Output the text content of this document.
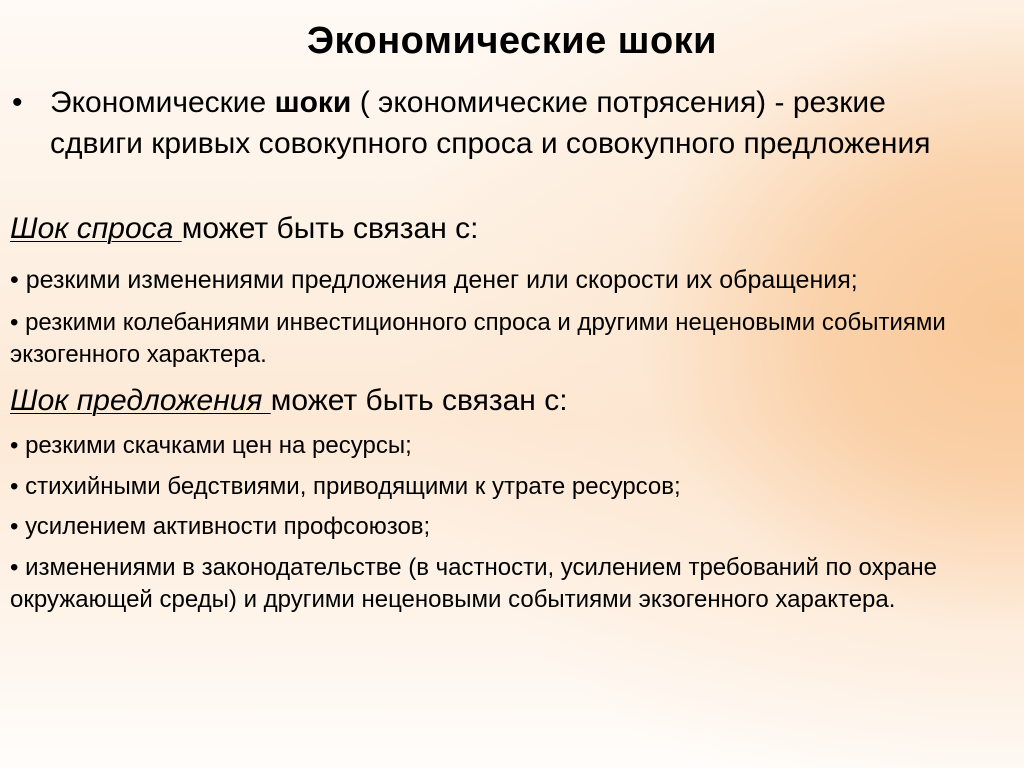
Экономические шоки
• Экономические шоки ( экономические потрясения) - резкие сдвиги кривых совокупного спроса и совокупного предложения
Шок спроса может быть связан с:
• резкими изменениями предложения денег или скорости их обращения;
• резкими колебаниями инвестиционного спроса и другими неценовыми событиями экзогенного характера.
Шок предложения может быть связан с:
• резкими скачками цен на ресурсы;
• стихийными бедствиями, приводящими к утрате ресурсов;
• усилением активности профсоюзов;
• изменениями в законодательстве (в частности, усилением требований по охране окружающей среды) и другими неценовыми событиями экзогенного характера.
